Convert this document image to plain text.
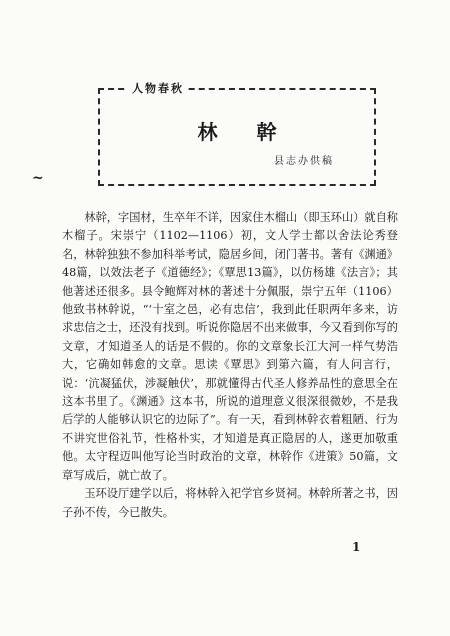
人物春秋
林 幹
县志办供稿
~

林幹，字国材，生卒年不详，因家住木榴山（即玉环山）就自称木榴子。宋崇宁（1102—1106）初，文人学士都以舍法论秀登名，林幹独独不参加科举考试，隐居乡间，闭门著书。著有《渊通》48篇，以效法老子《道德经》；《覃思13篇》，以仿杨雄《法言》；其他著述还很多。县令鲍辉对林的著述十分佩服，崇宁五年（1106）他致书林幹说，“‘十室之邑，必有忠信’，我到此任职两年多来，访求忠信之士，还没有找到。听说你隐居不出来做事，今又看到你写的文章，才知道圣人的话是不假的。你的文章象长江大河一样气势浩大，它确如韩愈的文章。思读《覃思》到第六篇，有人问言行，说：‘沆凝猛伏，涉凝触伏’，那就懂得古代圣人修养品性的意思全在这本书里了。《渊通》这本书，所说的道理意义很深很微妙，不是我后学的人能够认识它的边际了”。有一天，看到林幹衣着粗陋、行为不讲究世俗礼节，性格朴实，才知道是真正隐居的人，遂更加敬重他。太守程迈叫他写论当时政治的文章，林幹作《进策》50篇，文章写成后，就亡故了。

玉环设厅建学以后，将林幹入祀学官乡贤祠。林幹所著之书，因子孙不传，今已散失。

1
